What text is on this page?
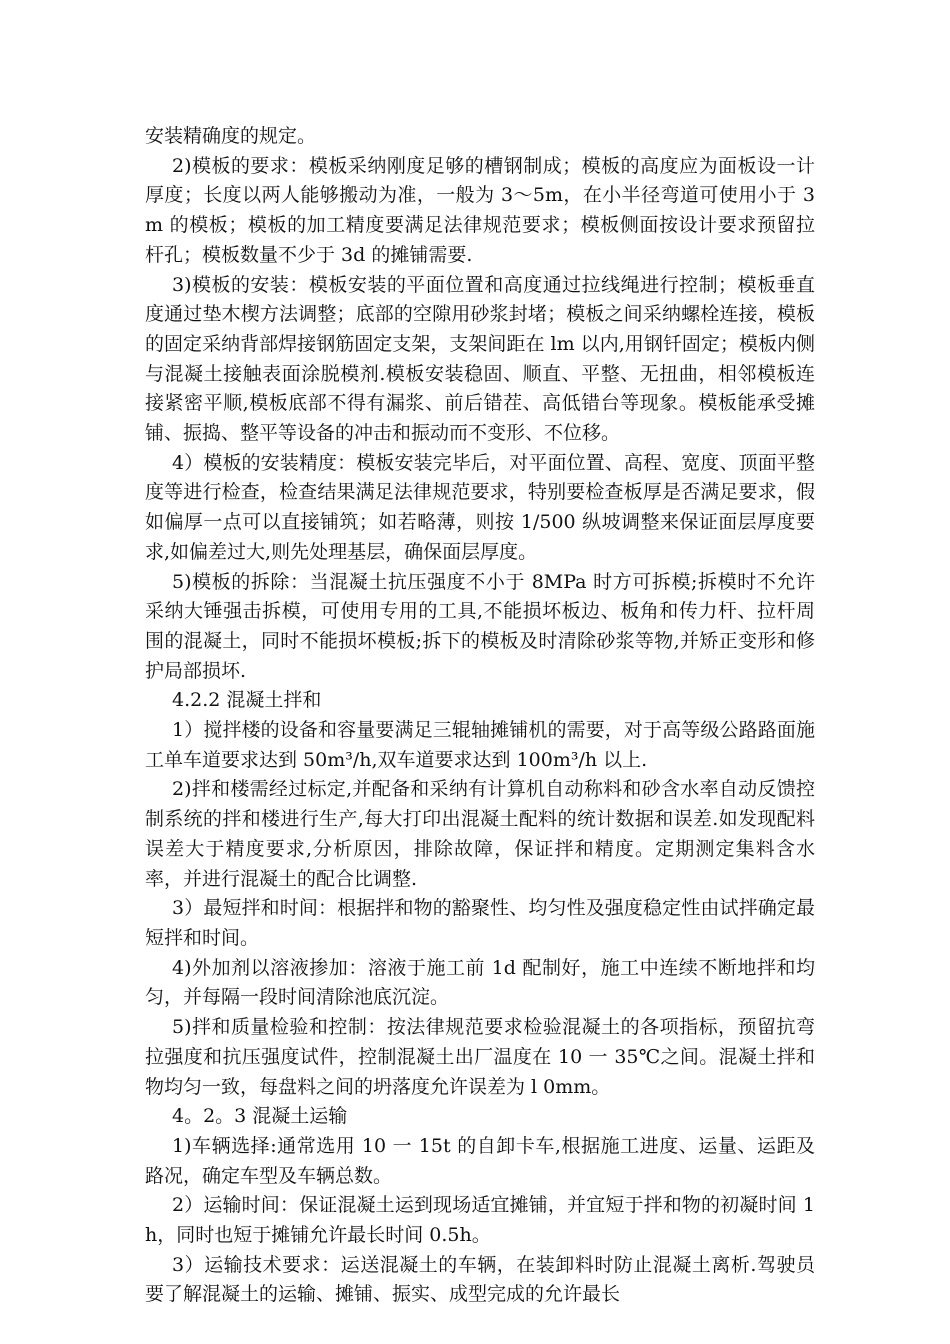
安装精确度的规定。

2)模板的要求：模板采纳刚度足够的槽钢制成；模板的高度应为面板设一计厚度；长度以两人能够搬动为准，一般为 3～5m，在小半径弯道可使用小于 3m 的模板；模板的加工精度要满足法律规范要求；模板侧面按设计要求预留拉杆孔；模板数量不少于 3d 的摊铺需要.

3)模板的安装：模板安装的平面位置和高度通过拉线绳进行控制；模板垂直度通过垫木楔方法调整；底部的空隙用砂浆封堵；模板之间采纳螺栓连接，模板的固定采纳背部焊接钢筋固定支架，支架间距在 lm 以内,用钢钎固定；模板内侧与混凝土接触表面涂脱模剂.模板安装稳固、顺直、平整、无扭曲，相邻模板连接紧密平顺,模板底部不得有漏浆、前后错茬、高低错台等现象。模板能承受摊铺、振捣、整平等设备的冲击和振动而不变形、不位移。

4）模板的安装精度：模板安装完毕后，对平面位置、高程、宽度、顶面平整度等进行检查，检查结果满足法律规范要求，特别要检查板厚是否满足要求，假如偏厚一点可以直接铺筑；如若略薄，则按 1/500 纵坡调整来保证面层厚度要求,如偏差过大,则先处理基层，确保面层厚度。

5)模板的拆除：当混凝土抗压强度不小于 8MPa 时方可拆模;拆模时不允许采纳大锤强击拆模，可使用专用的工具,不能损坏板边、板角和传力杆、拉杆周围的混凝土，同时不能损坏模板;拆下的模板及时清除砂浆等物,并矫正变形和修护局部损坏.

4.2.2 混凝土拌和

1）搅拌楼的设备和容量要满足三辊轴摊铺机的需要，对于高等级公路路面施工单车道要求达到 50m³/h,双车道要求达到 100m³/h 以上.

2)拌和楼需经过标定,并配备和采纳有计算机自动称料和砂含水率自动反馈控制系统的拌和楼进行生产,每大打印出混凝土配料的统计数据和误差.如发现配料误差大于精度要求,分析原因，排除故障，保证拌和精度。定期测定集料含水率，并进行混凝土的配合比调整.

3）最短拌和时间：根据拌和物的豁聚性、均匀性及强度稳定性由试拌确定最短拌和时间。

4)外加剂以溶液掺加：溶液于施工前 1d 配制好，施工中连续不断地拌和均匀，并每隔一段时间清除池底沉淀。

5)拌和质量检验和控制：按法律规范要求检验混凝土的各项指标，预留抗弯拉强度和抗压强度试件，控制混凝土出厂温度在 10 一 35℃之间。混凝土拌和物均匀一致，每盘料之间的坍落度允许误差为 l 0mm。

4。2。3 混凝土运输

1)车辆选择:通常选用 10 一 15t 的自卸卡车,根据施工进度、运量、运距及路况，确定车型及车辆总数。

2）运输时间：保证混凝土运到现场适宜摊铺，并宜短于拌和物的初凝时间 1h，同时也短于摊铺允许最长时间 0.5h。

3）运输技术要求：运送混凝土的车辆，在装卸料时防止混凝土离析.驾驶员要了解混凝土的运输、摊铺、振实、成型完成的允许最长
